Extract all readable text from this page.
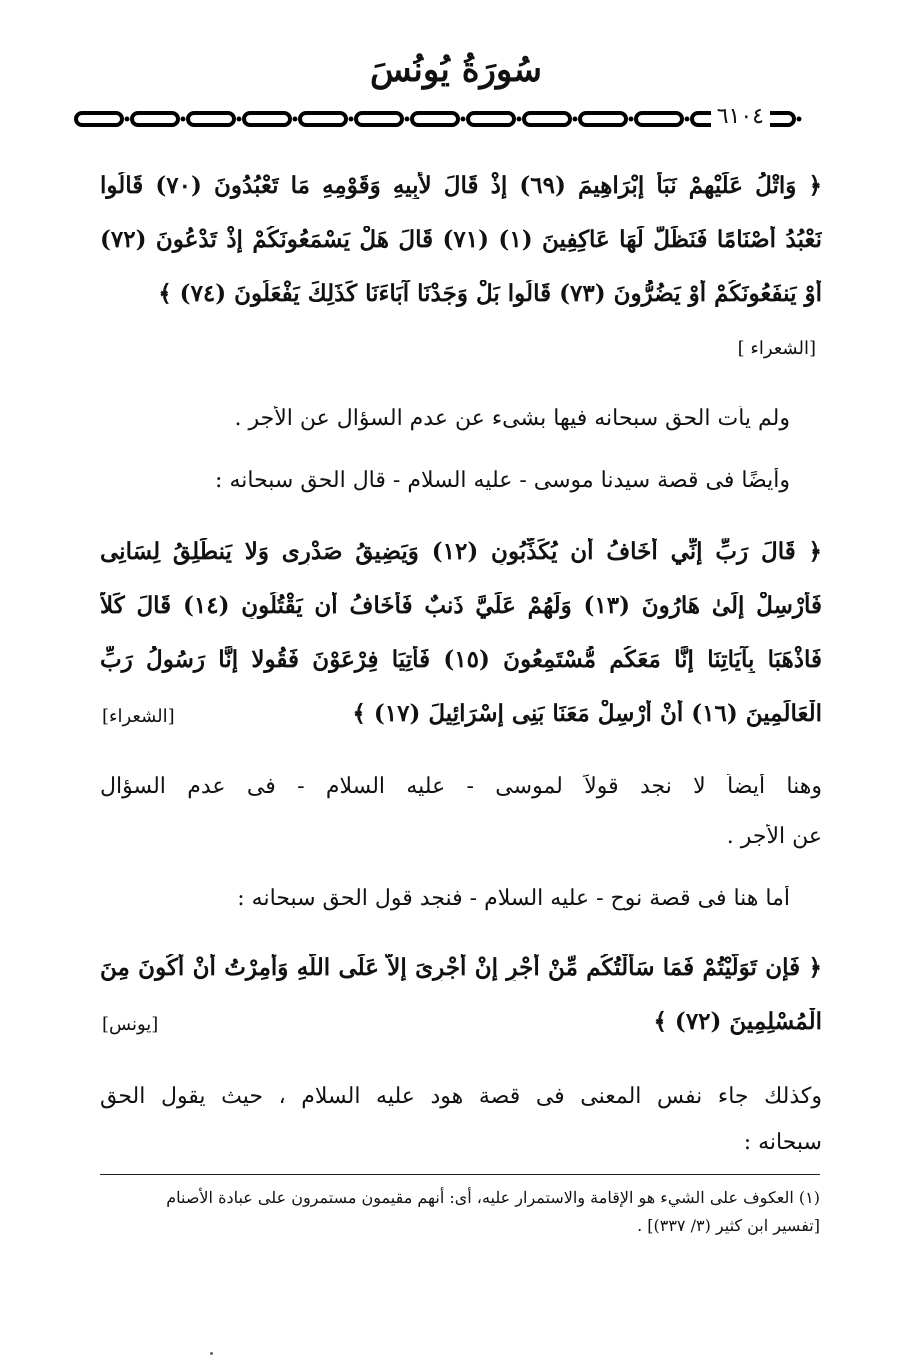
سُورَةُ يُونُسَ
٦١٠٤
﴿ وَاتْلُ عَلَيْهِمْ نَبَأَ إِبْرَاهِيمَ (٦٩) إِذْ قَالَ لأَبِيهِ وَقَوْمِهِ مَا تَعْبُدُونَ (٧٠) قَالُوا
نَعْبُدُ أَصْنَامًا فَنَظَلُّ لَهَا عَاكِفِينَ (١) (٧١) قَالَ هَلْ يَسْمَعُونَكُمْ إِذْ تَدْعُونَ (٧٢)
أَوْ يَنفَعُونَكُمْ أَوْ يَضُرُّونَ (٧٣) قَالُوا بَلْ وَجَدْنَا آبَاءَنَا كَذَلِكَ يَفْعَلُونَ (٧٤) ﴾
[الشعراء ]
ولم يأت الحق سبحانه فيها بشىء عن عدم السؤال عن الأجر .
وأيضًا فى قصة سيدنا موسى - عليه السلام - قال الحق سبحانه :
﴿ قَالَ رَبِّ إِنِّي أَخَافُ أَن يُكَذِّبُونِ (١٢) وَيَضِيقُ صَدْرِى وَلا يَنطَلِقُ لِسَانِى
فَأَرْسِلْ إِلَىٰ هَارُونَ (١٣) وَلَهُمْ عَلَيَّ ذَنبٌ فَأَخَافُ أَن يَقْتُلُونِ (١٤) قَالَ كَلاَّ
فَاذْهَبَا بِآيَاتِنَا إِنَّا مَعَكُم مُّسْتَمِعُونَ (١٥) فَأْتِيَا فِرْعَوْنَ فَقُولا إِنَّا رَسُولُ رَبِّ
الْعَالَمِينَ (١٦) أَنْ أَرْسِلْ مَعَنَا بَنِى إِسْرَائِيلَ (١٧) ﴾
[الشعراء]
وهنا أيضاً لا نجد قولاً لموسى - عليه السلام - فى عدم السؤال
عن الأجر .
أما هنا فى قصة نوح - عليه السلام - فنجد قول الحق سبحانه :
﴿ فَإِن تَوَلَّيْتُمْ فَمَا سَأَلْتُكُم مِّنْ أَجْرٍ إِنْ أَجْرِىَ إِلاَّ عَلَى اللَّهِ وَأُمِرْتُ أَنْ أَكُونَ مِنَ
الْمُسْلِمِينَ (٧٢) ﴾
[يونس]
وكذلك جاء نفس المعنى فى قصة هود عليه السلام ، حيث يقول الحق
سبحانه :
(١) العكوف على الشيء هو الإقامة والاستمرار عليه، أى: أنهم مقيمون مستمرون على عبادة الأصنام
[تفسير ابن كثير (٣/ ٣٣٧)] .
